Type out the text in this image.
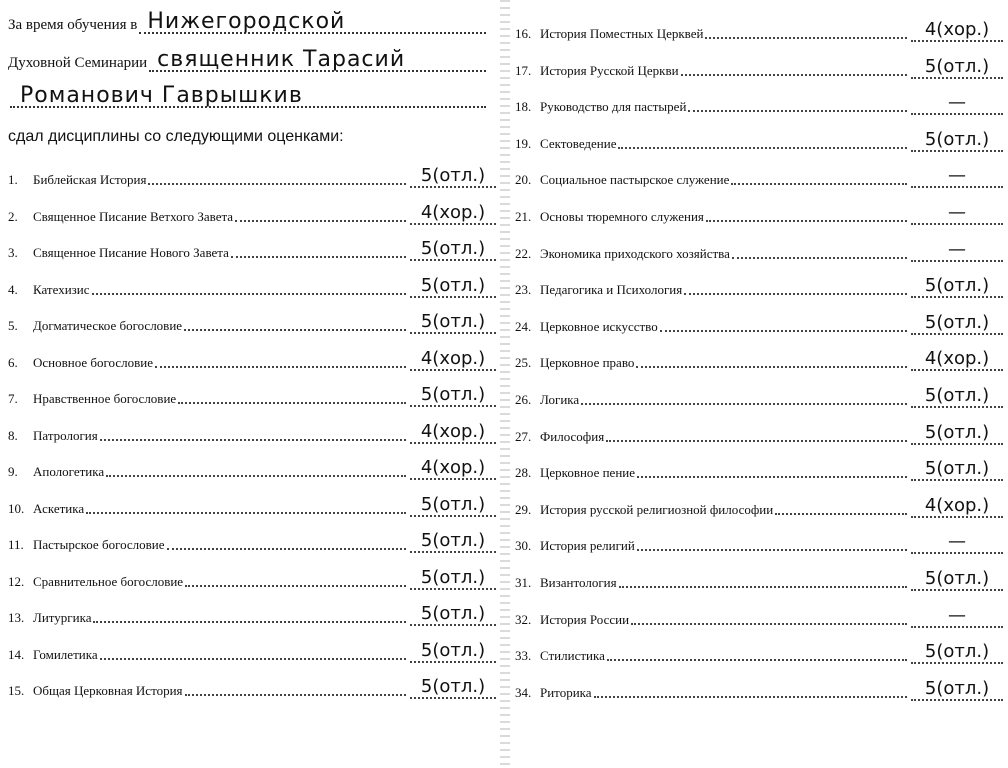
За время обучения в Нижегородской
Духовной Семинарии священник Тарасий
Романович Гаврышкив
сдал дисциплины со следующими оценками:
1.	Библейская История	5(отл.)
2.	Священное Писание Ветхого Завета	4(хор.)
3.	Священное Писание Нового Завета	5(отл.)
4.	Катехизис	5(отл.)
5.	Догматическое богословие	5(отл.)
6.	Основное богословие	4(хор.)
7.	Нравственное богословие	5(отл.)
8.	Патрология	4(хор.)
9.	Апологетика	4(хор.)
10. Аскетика	5(отл.)
11. Пастырское богословие	5(отл.)
12. Сравнительное богословие	5(отл.)
13. Литургика	5(отл.)
14. Гомилетика	5(отл.)
15. Общая Церковная История	5(отл.)
16. История Поместных Церквей	4(хор.)
17. История Русской Церкви	5(отл.)
18. Руководство для пастырей	—
19. Сектоведение	5(отл.)
20. Социальное пастырское служение	—
21. Основы тюремного служения	—
22. Экономика приходского хозяйства	—
23. Педагогика и Психология	5(отл.)
24. Церковное искусство	5(отл.)
25. Церковное право	4(хор.)
26. Логика	5(отл.)
27. Философия	5(отл.)
28. Церковное пение	5(отл.)
29. История русской религиозной философии	4(хор.)
30. История религий	—
31. Византология	5(отл.)
32. История России	—
33. Стилистика	5(отл.)
34. Риторика	5(отл.)
